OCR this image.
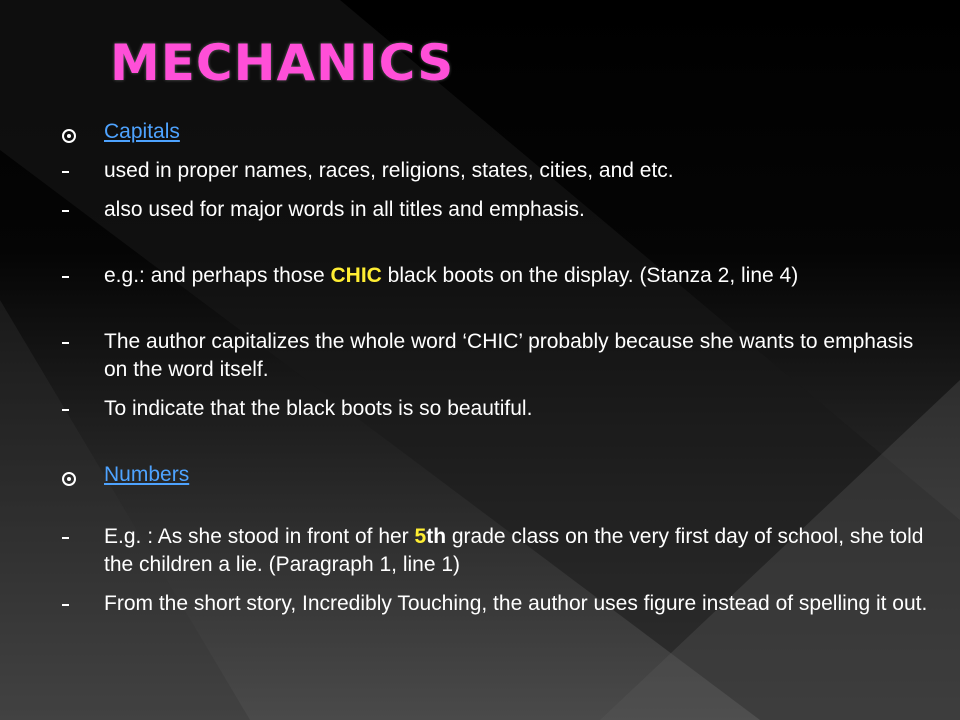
MECHANICS
Capitals
used in proper names, races, religions, states, cities, and etc.
also used for major words in all titles and emphasis.
e.g.: and perhaps those CHIC black boots on the display. (Stanza 2, line 4)
The author capitalizes the whole word ‘CHIC’ probably because she wants to emphasis on the word itself.
To indicate that the black boots is so beautiful.
Numbers
E.g. : As she stood in front of her 5th grade class on the very first day of school, she told the children a lie. (Paragraph 1, line 1)
From the short story, Incredibly Touching, the author uses figure instead of spelling it out.
